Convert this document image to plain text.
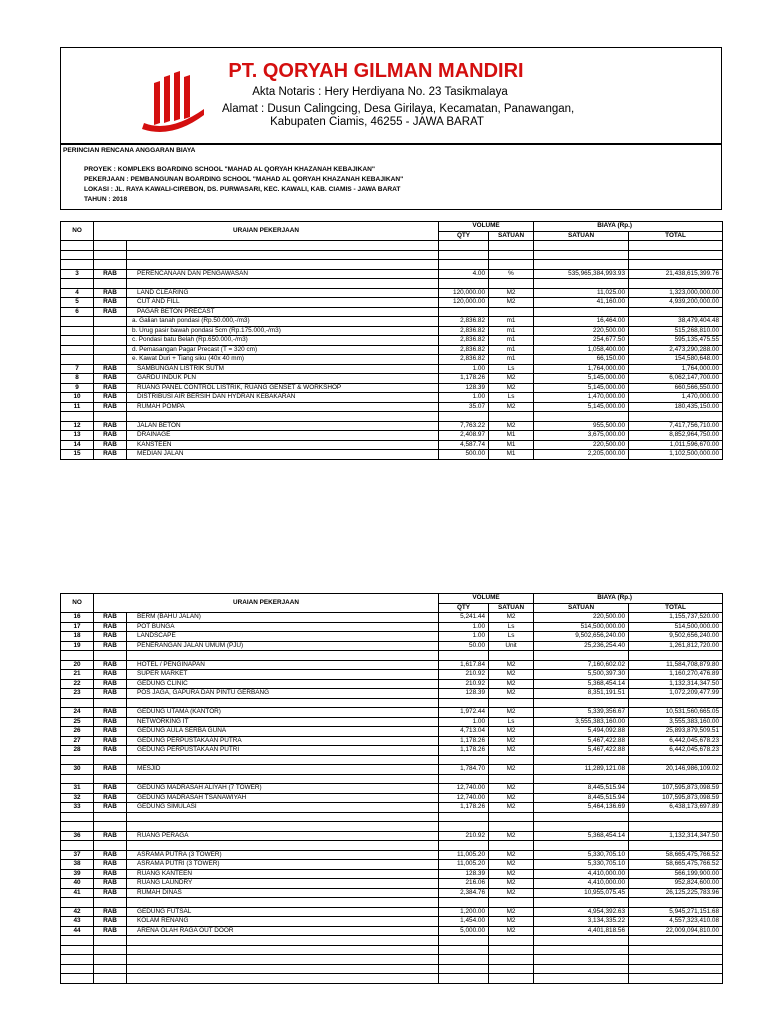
PT. QORYAH GILMAN MANDIRI
Akta Notaris : Hery Herdiyana No. 23 Tasikmalaya
Alamat : Dusun Calingcing, Desa Girilaya, Kecamatan, Panawangan,
Kabupaten Ciamis, 46255 - JAWA BARAT
PERINCIAN RENCANA ANGGARAN BIAYA
PROYEK : KOMPLEKS BOARDING SCHOOL "MAHAD AL QORYAH KHAZANAH KEBAJIKAN"
PEKERJAAN : PEMBANGUNAN BOARDING SCHOOL "MAHAD AL QORYAH KHAZANAH KEBAJIKAN"
LOKASI : JL. RAYA KAWALI-CIREBON, DS. PURWASARI, KEC. KAWALI, KAB. CIAMIS - JAWA BARAT
TAHUN : 2018
NO	URAIAN PEKERJAAN		VOLUME		BIAYA (Rp.)	
			QTY	SATUAN	SATUAN	TOTAL

3	RAB	PERENCANAAN DAN PENGAWASAN	4.00	%	535,965,384,993.93	21,438,615,399.76

4	RAB	LAND CLEARING	120,000.00	M2	11,025.00	1,323,000,000.00
5	RAB	CUT AND FILL	120,000.00	M2	41,160.00	4,939,200,000.00
6	RAB	PAGAR BETON PRECAST				
		a. Galian tanah pondasi (Rp.50.000,-/m3)	2,836.82	m1	16,464.00	38,479,404.48
		b. Urug pasir bawah pondasi 5cm (Rp.175.000,-/m3)	2,836.82	m1	220,500.00	515,268,810.00
		c. Pondasi batu Belah (Rp.650.000,-/m3)	2,836.82	m1	254,677.50	595,135,475.55
		d. Pemasangan Pagar Precast (T = 320 cm)	2,836.82	m1	1,058,400.00	2,473,290,288.00
		e. Kawat Duri + Tiang siku (40x 40 mm)	2,836.82	m1	66,150.00	154,580,648.00
7	RAB	SAMBUNGAN LISTRIK SUTM	1.00	Ls	1,764,000.00	1,764,000.00
8	RAB	GARDU INDUK PLN	1,178.26	M2	5,145,000.00	6,062,147,700.00
9	RAB	RUANG PANEL CONTROL LISTRIK, RUANG GENSET & WORKSHOP	128.39	M2	5,145,000.00	660,566,550.00
10	RAB	DISTRIBUSI AIR BERSIH DAN HYDRAN KEBAKARAN	1.00	Ls	1,470,000.00	1,470,000.00
11	RAB	RUMAH POMPA	35.07	M2	5,145,000.00	180,435,150.00

12	RAB	JALAN BETON	7,763.22	M2	955,500.00	7,417,756,710.00
13	RAB	DRAINAGE	2,408.97	M1	3,675,000.00	8,852,964,750.00
14	RAB	KANSTEEN	4,587.74	M1	220,500.00	1,011,596,670.00
15	RAB	MEDIAN JALAN	500.00	M1	2,205,000.00	1,102,500,000.00
NO	URAIAN PEKERJAAN		VOLUME		BIAYA (Rp.)	
			QTY	SATUAN	SATUAN	TOTAL
16	RAB	BERM (BAHU JALAN)	5,241.44	M2	220,500.00	1,155,737,520.00
17	RAB	POT BUNGA	1.00	Ls	514,500,000.00	514,500,000.00
18	RAB	LANDSCAPE	1.00	Ls	9,502,656,240.00	9,502,656,240.00
19	RAB	PENERANGAN JALAN UMUM (PJU)	50.00	Unit	25,236,254.40	1,261,812,720.00

20	RAB	HOTEL / PENGINAPAN	1,617.84	M2	7,160,602.02	11,584,708,879.80
21	RAB	SUPER MARKET	210.92	M2	5,500,397.30	1,160,270,476.89
22	RAB	GEDUNG CLINIC	210.92	M2	5,368,454.14	1,132,314,347.50
23	RAB	POS JAGA, GAPURA DAN PINTU GERBANG	128.39	M2	8,351,191.51	1,072,209,477.99

24	RAB	GEDUNG UTAMA (KANTOR)	1,972.44	M2	5,339,356.67	10,531,560,665.05
25	RAB	NETWORKING IT	1.00	Ls	3,555,383,160.00	3,555,383,160.00
26	RAB	GEDUNG AULA SERBA GUNA	4,713.04	M2	5,494,092.88	25,893,879,509.51
27	RAB	GEDUNG PERPUSTAKAAN PUTRA	1,178.26	M2	5,467,422.88	6,442,045,678.23
28	RAB	GEDUNG PERPUSTAKAAN PUTRI	1,178.26	M2	5,467,422.88	6,442,045,678.23

30	RAB	MESJID	1,784.70	M2	11,289,121.08	20,146,986,109.02

31	RAB	GEDUNG MADRASAH ALIYAH (7 TOWER)	12,740.00	M2	8,445,515.94	107,595,873,098.59
32	RAB	GEDUNG MADRASAH TSANAWIYAH	12,740.00	M2	8,445,515.94	107,595,873,098.59
33	RAB	GEDUNG SIMULASI	1,178.26	M2	5,464,136.69	6,438,173,697.89

36	RAB	RUANG PERAGA	210.92	M2	5,368,454.14	1,132,314,347.50

37	RAB	ASRAMA PUTRA (3 TOWER)	11,005.20	M2	5,330,705.10	58,665,475,766.52
38	RAB	ASRAMA PUTRI (3 TOWER)	11,005.20	M2	5,330,705.10	58,665,475,766.52
39	RAB	RUANG KANTEEN	128.39	M2	4,410,000.00	566,199,900.00
40	RAB	RUANG LAUNDRY	216.06	M2	4,410,000.00	952,824,600.00
41	RAB	RUMAH DINAS	2,384.76	M2	10,955,075.45	26,125,225,783.96

42	RAB	GEDUNG FUTSAL	1,200.00	M2	4,954,392.63	5,945,271,151.68
43	RAB	KOLAM RENANG	1,454.00	M2	3,134,335.22	4,557,323,410.08
44	RAB	ARENA OLAH RAGA OUT DOOR	5,000.00	M2	4,401,818.56	22,009,094,810.00
